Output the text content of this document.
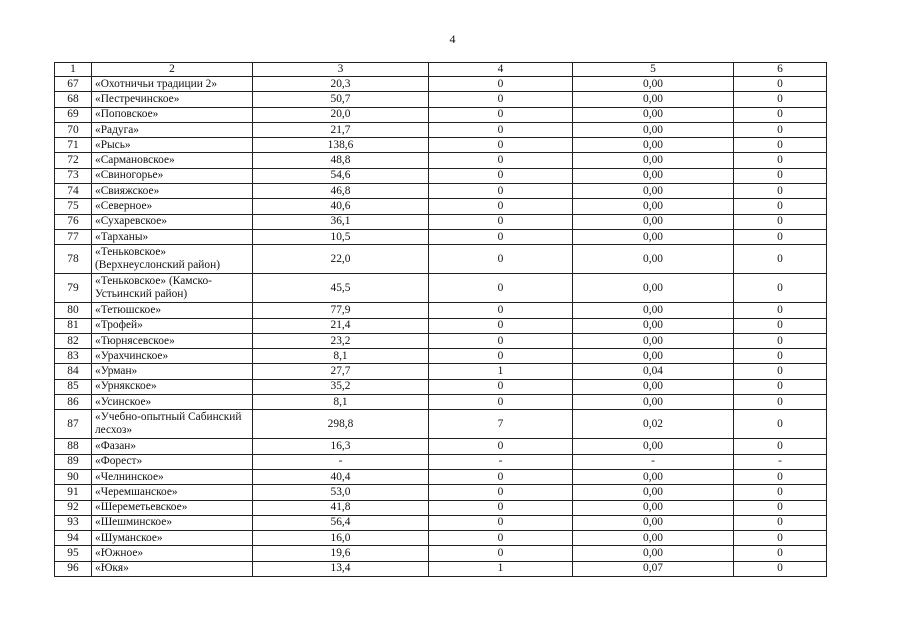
4
1	2	3	4	5	6
67	«Охотничьи традиции 2»	20,3	0	0,00	0
68	«Пестречинское»	50,7	0	0,00	0
69	«Поповское»	20,0	0	0,00	0
70	«Радуга»	21,7	0	0,00	0
71	«Рысь»	138,6	0	0,00	0
72	«Сармановское»	48,8	0	0,00	0
73	«Свиногорье»	54,6	0	0,00	0
74	«Свияжское»	46,8	0	0,00	0
75	«Северное»	40,6	0	0,00	0
76	«Сухаревское»	36,1	0	0,00	0
77	«Тарханы»	10,5	0	0,00	0
78	«Теньковское» (Верхнеуслонский район)	22,0	0	0,00	0
79	«Теньковское» (Камско-Устьинский район)	45,5	0	0,00	0
80	«Тетюшское»	77,9	0	0,00	0
81	«Трофей»	21,4	0	0,00	0
82	«Тюрнясевское»	23,2	0	0,00	0
83	«Урахчинское»	8,1	0	0,00	0
84	«Урман»	27,7	1	0,04	0
85	«Урнякское»	35,2	0	0,00	0
86	«Усинское»	8,1	0	0,00	0
87	«Учебно-опытный Сабинский лесхоз»	298,8	7	0,02	0
88	«Фазан»	16,3	0	0,00	0
89	«Форест»	-	-	-	-
90	«Челнинское»	40,4	0	0,00	0
91	«Черемшанское»	53,0	0	0,00	0
92	«Шереметьевское»	41,8	0	0,00	0
93	«Шешминское»	56,4	0	0,00	0
94	«Шуманское»	16,0	0	0,00	0
95	«Южное»	19,6	0	0,00	0
96	«Юкя»	13,4	1	0,07	0
